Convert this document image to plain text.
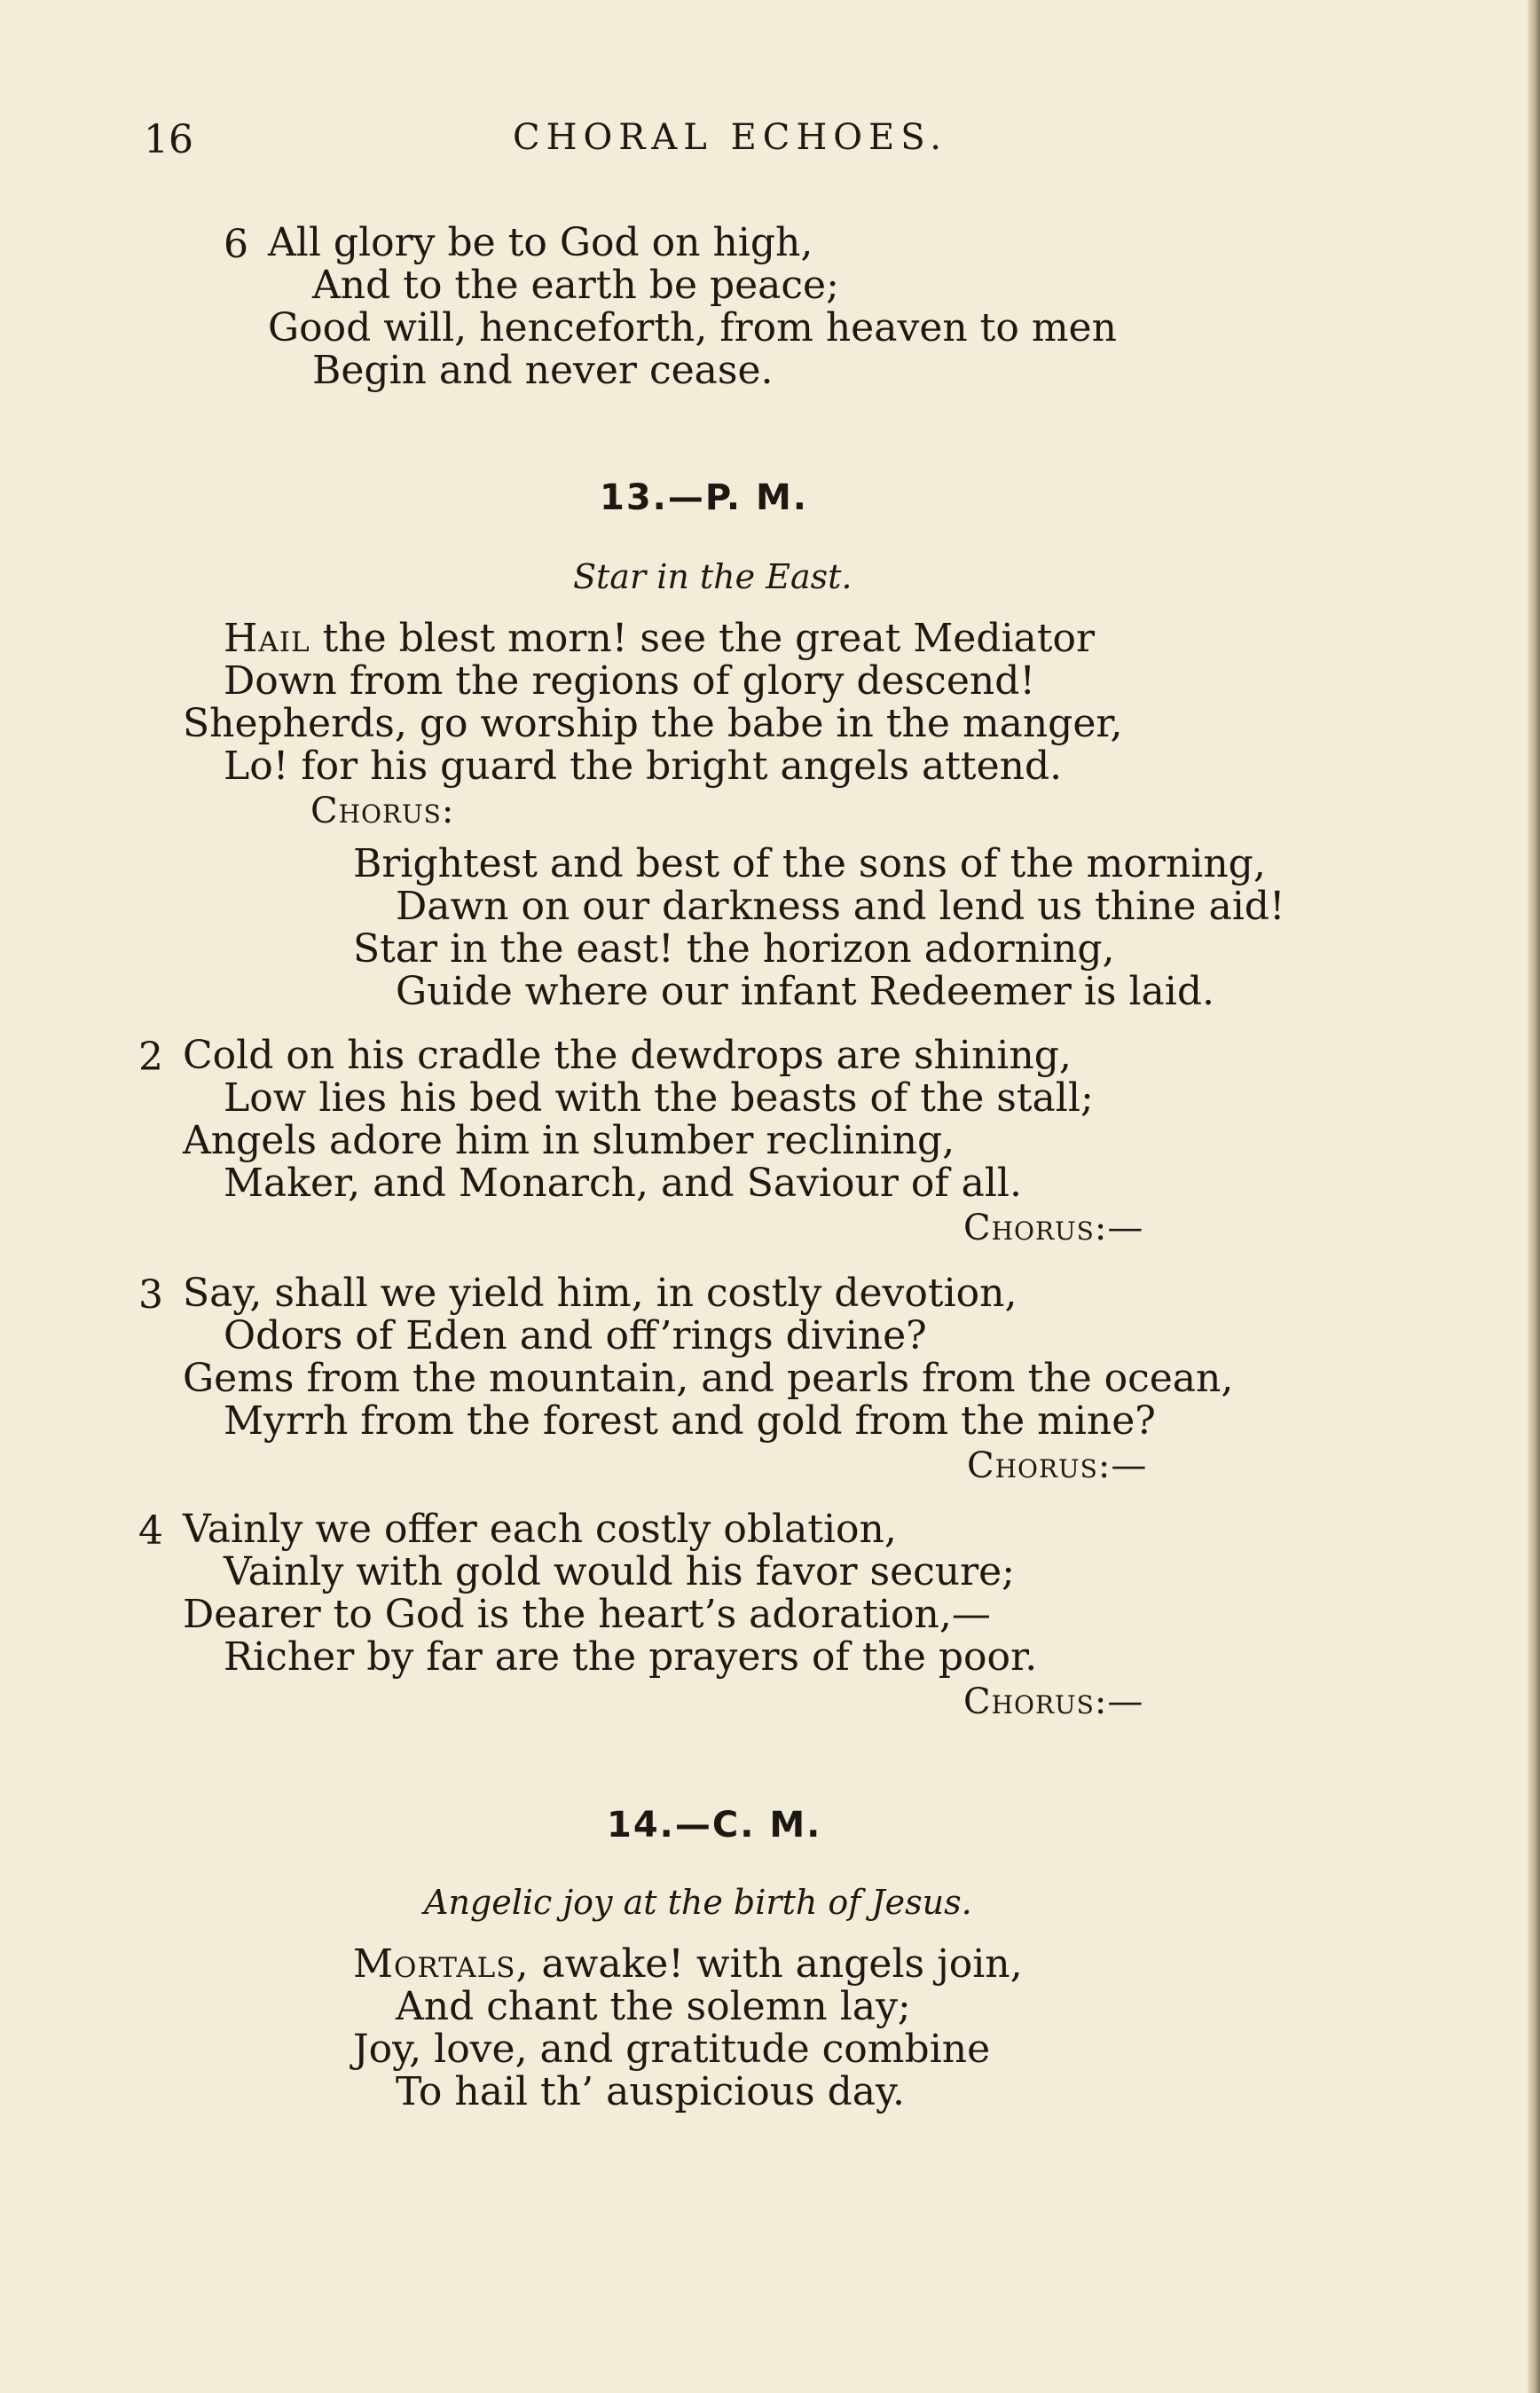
16	CHORAL ECHOES.
6 All glory be to God on high,
And to the earth be peace;
Good will, henceforth, from heaven to men
Begin and never cease.
13.—P. M.
Star in the East.
Hail the blest morn! see the great Mediator
Down from the regions of glory descend!
Shepherds, go worship the babe in the manger,
Lo! for his guard the bright angels attend.
Chorus:
Brightest and best of the sons of the morning,
Dawn on our darkness and lend us thine aid!
Star in the east! the horizon adorning,
Guide where our infant Redeemer is laid.
2 Cold on his cradle the dewdrops are shining,
Low lies his bed with the beasts of the stall;
Angels adore him in slumber reclining,
Maker, and Monarch, and Saviour of all.
Chorus:—
3 Say, shall we yield him, in costly devotion,
Odors of Eden and off’rings divine?
Gems from the mountain, and pearls from the ocean,
Myrrh from the forest and gold from the mine?
Chorus:—
4 Vainly we offer each costly oblation,
Vainly with gold would his favor secure;
Dearer to God is the heart’s adoration,—
Richer by far are the prayers of the poor.
Chorus:—
14.—C. M.
Angelic joy at the birth of Jesus.
Mortals, awake! with angels join,
And chant the solemn lay;
Joy, love, and gratitude combine
To hail th’ auspicious day.
